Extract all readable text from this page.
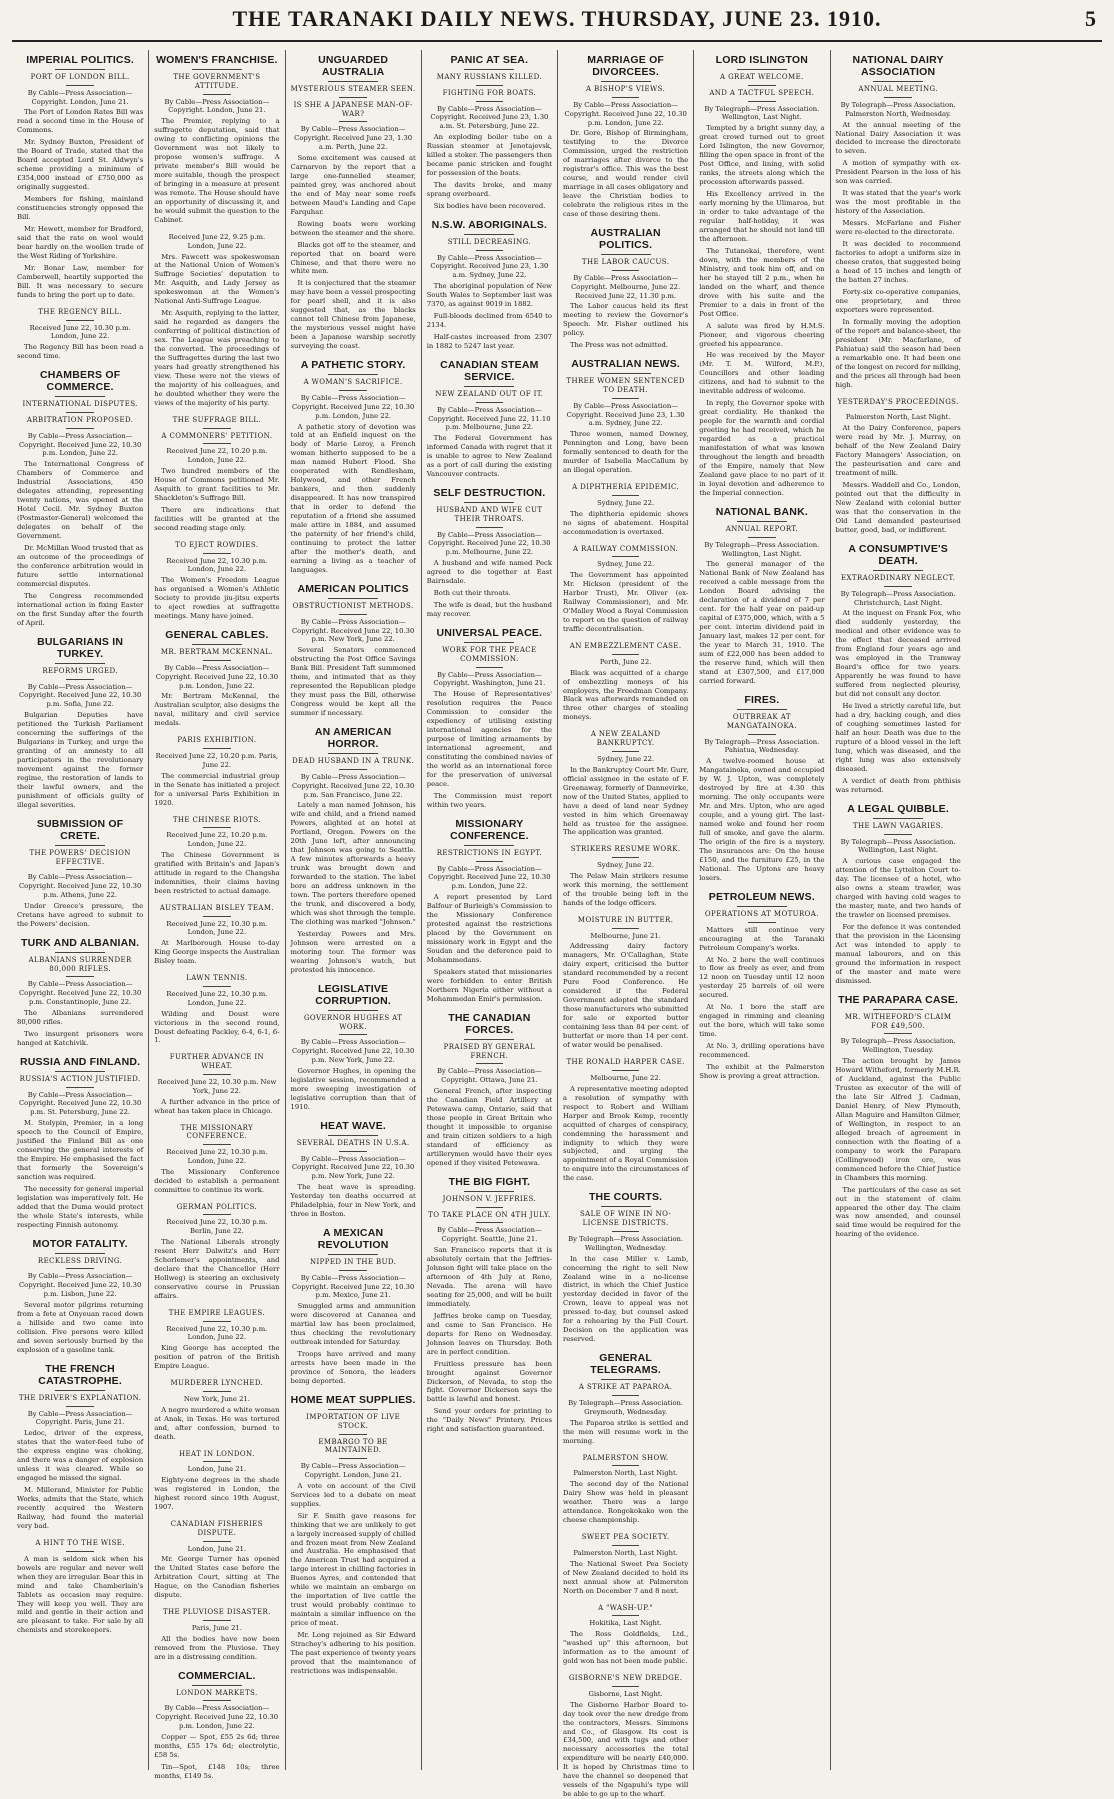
THE TARANAKI DAILY NEWS. THURSDAY, JUNE 23. 1910.	5
IMPERIAL POLITICS.
PORT OF LONDON BILL.
By Cable—Press Association—Copyright. London, June 21.

The Port of London Rates Bill was read a second time in the House of Commons.

Mr. Sydney Buxton, President of the Board of Trade, stated that the Board accepted Lord St. Aldwyn's scheme providing a minimum of £354,000 instead of £750,000 as originally suggested.

Members for fishing, mainland constituencies strongly opposed the Bill.

Mr. Hewett, member for Bradford, said that the rate on wool would bear hardly on the woollen trade of the West Riding of Yorkshire.

Mr. Bonar Law, member for Camberwell, heartily supported the Bill. It was necessary to secure funds to bring the port up to date.

THE REGENCY BILL.
Received June 22, 10.30 p.m. London, June 22.

The Regency Bill has been read a second time.

CHAMBERS OF COMMERCE.
INTERNATIONAL DISPUTES.
ARBITRATION PROPOSED.
By Cable—Press Association—Copyright. Received June 22, 10.30 p.m. London, June 22.

The International Congress of Chambers of Commerce and Industrial Associations, 450 delegates attending, representing twenty nations, was opened at the Hotel Cecil. Mr. Sydney Buxton (Postmaster-General) welcomed the delegates on behalf of the Government.

Dr. McMillan Wood trusted that as an outcome of the proceedings of the conference arbitration would in future settle international commercial disputes.

The Congress recommended international action in fixing Easter on the first Sunday after the fourth of April.

BULGARIANS IN TURKEY.
REFORMS URGED.
By Cable—Press Association—Copyright. Received June 22, 10.30 p.m. Sofia, June 22.

Bulgarian Deputies have petitioned the Turkish Parliament concerning the sufferings of the Bulgarians in Turkey, and urge the granting of an amnesty to all participators in the revolutionary movement against the former regime, the restoration of lands to their lawful owners, and the punishment of officials guilty of illegal severities.

SUBMISSION OF CRETE.
THE POWERS' DECISION EFFECTIVE.
By Cable—Press Association—Copyright. Received June 22, 10.30 p.m. Athens, June 22.

Under Greece's pressure, the Cretans have agreed to submit to the Powers' decision.

TURK AND ALBANIAN.
ALBANIANS SURRENDER 80,000 RIFLES.
By Cable—Press Association—Copyright. Received June 22, 10.30 p.m. Constantinople, June 22.

The Albanians surrendered 80,000 rifles.

Two insurgent prisoners were hanged at Katchivik.

RUSSIA AND FINLAND.
RUSSIA'S ACTION JUSTIFIED.
By Cable—Press Association—Copyright. Received June 22, 10.30 p.m. St. Petersburg, June 22.

M. Stolypin, Premier, in a long speech to the Council of Empire, justified the Finland Bill as one conserving the general interests of the Empire. He emphasised the fact that formerly the Sovereign's sanction was required.

The necessity for general imperial legislation was imperatively felt. He added that the Duma would protect the whole State's interests, while respecting Finnish autonomy.

MOTOR FATALITY.
RECKLESS DRIVING.
By Cable—Press Association—Copyright. Received June 22, 10.30 p.m. Lisbon, June 22.

Several motor pilgrims returning from a fete at Onyeuan raced down a hillside and two came into collision. Five persons were killed and seven seriously burned by the explosion of a gasoline tank.

THE FRENCH CATASTROPHE.
THE DRIVER'S EXPLANATION.
By Cable—Press Association—Copyright. Paris, June 21.

Ledoc, driver of the express, states that the water-feed tube of the express engine was choking, and there was a danger of explosion unless it was cleared. While so engaged he missed the signal.

M. Millerand, Minister for Public Works, admits that the State, which recently acquired the Western Railway, had found the material very bad.

A HINT TO THE WISE.

A man is seldom sick when his bowels are regular and never well when they are irregular. Bear this in mind and take Chamberlain's Tablets as occasion may require. They will keep you well. They are mild and gentle in their action and are pleasant to take. For sale by all chemists and storekeepers.

WOMEN'S FRANCHISE.
THE GOVERNMENT'S ATTITUDE.
By Cable—Press Association—Copyright. London, June 21.

The Premier, replying to a suffragette deputation, said that owing to conflicting opinions the Government was not likely to propose women's suffrage. A private member's Bill would be more suitable, though the prospect of bringing in a measure at present was remote. The House should have an opportunity of discussing it, and he would submit the question to the Cabinet.

Received June 22, 9.25 p.m. London, June 22.

Mrs. Fawcett was spokeswoman at the National Union of Women's Suffrage Societies' deputation to Mr. Asquith, and Lady Jersey as spokeswoman at the Women's National Anti-Suffrage League.

Mr. Asquith, replying to the latter, said he regarded as dangers the conferring of political distinction of sex. The League was preaching to the converted. The proceedings of the Suffragettes during the last two years had greatly strengthened his view. These were not the views of the majority of his colleagues, and he doubted whether they were the views of the majority of his party.

THE SUFFRAGE BILL.
A COMMONERS' PETITION.
Received June 22, 10.20 p.m. London, June 22.

Two hundred members of the House of Commons petitioned Mr. Asquith to grant facilities to Mr. Shackleton's Suffrage Bill.

There are indications that facilities will be granted at the second reading stage only.

TO EJECT ROWDIES.
Received June 22, 10.30 p.m. London, June 22.

The Women's Freedom League has organised a Women's Athletic Society to provide jiu-jitsu experts to eject rowdies at suffragette meetings. Many have joined.

GENERAL CABLES.
MR. BERTRAM MCKENNAL.
By Cable—Press Association—Copyright. Received June 22, 10.30 p.m. London, June 22.

Mr. Bertram McKennal, the Australian sculptor, also designs the naval, military and civil service medals.

PARIS EXHIBITION.
Received June 22, 10.20 p.m. Paris, June 22.

The commercial industrial group in the Senate has initiated a project for a universal Paris Exhibition in 1920.

THE CHINESE RIOTS.
Received June 22, 10.20 p.m. London, June 22.

The Chinese Government is gratified with Britain's and Japan's attitude in regard to the Changsha indemnities, their claims having been restricted to actual damage.

AUSTRALIAN BISLEY TEAM.
Received June 22, 10.30 p.m. London, June 22.

At Marlborough House to-day King George inspects the Australian Bisley team.

LAWN TENNIS.
Received June 22, 10.30 p.m. London, June 22.

Wilding and Doust were victorious in the second round, Doust defeating Packley, 6-4, 6-1, 6-1.

FURTHER ADVANCE IN WHEAT.
Received June 22, 10.30 p.m. New York, June 22.

A further advance in the price of wheat has taken place in Chicago.

THE MISSIONARY CONFERENCE.
Received June 22, 10.30 p.m. London, June 22.

The Missionary Conference decided to establish a permanent committee to continue its work.

GERMAN POLITICS.
Received June 22, 10.30 p.m. Berlin, June 22.

The National Liberals strongly resent Herr Dalwitz's and Herr Schorlemer's appointments, and declare that the Chancellor (Herr Hollweg) is steering an exclusively conservative course in Prussian affairs.

THE EMPIRE LEAGUES.
Received June 22, 10.30 p.m. London, June 22.

King George has accepted the position of patron of the British Empire League.

MURDERER LYNCHED.
New York, June 21.

A negro murdered a white woman at Anak, in Texas. He was tortured and, after confession, burned to death.

HEAT IN LONDON.
London, June 21.

Eighty-one degrees in the shade was registered in London, the highest record since 19th August, 1907.

CANADIAN FISHERIES DISPUTE.
London, June 21.

Mr. George Turner has opened the United States case before the Arbitration Court, sitting at The Hague, on the Canadian fisheries dispute.

THE PLUVIOSE DISASTER.
Paris, June 21.

All the bodies have now been removed from the Pluviose. They are in a distressing condition.

COMMERCIAL.
LONDON MARKETS.
By Cable—Press Association—Copyright. Received June 22, 10.30 p.m. London, June 22.

Copper — Spot, £55 2s 6d; three months, £55 17s 6d; electrolytic, £58 5s.

Tin—Spot, £148 10s; three months, £149 5s.

UNGUARDED AUSTRALIA
MYSTERIOUS STEAMER SEEN.
IS SHE A JAPANESE MAN-OF-WAR?
By Cable—Press Association—Copyright. Received June 23, 1.30 a.m. Perth, June 22.

Some excitement was caused at Carnarvon by the report that a large one-funnelled steamer, painted grey, was anchored about the end of May near some reefs between Maud's Landing and Cape Farquhar.

Rowing boats were working between the steamer and the shore.

Blacks got off to the steamer, and reported that on board were Chinese, and that there were no white men.

It is conjectured that the steamer may have been a vessel prospecting for pearl shell, and it is also suggested that, as the blacks cannot tell Chinese from Japanese, the mysterious vessel might have been a Japanese warship secretly surveying the coast.

A PATHETIC STORY.
A WOMAN'S SACRIFICE.
By Cable—Press Association—Copyright. Received June 22, 10.30 p.m. London, June 22.

A pathetic story of devotion was told at an Enfield inquest on the body of Marie Leroy, a French woman hitherto supposed to be a man named Hubert Flood. She cooperated with Rendlesham, Holywood, and other French bankers, and then suddenly disappeared. It has now transpired that in order to defend the reputation of a friend she assumed male attire in 1884, and assumed the paternity of her friend's child, continuing to protect the latter after the mother's death, and earning a living as a teacher of languages.

AMERICAN POLITICS
OBSTRUCTIONIST METHODS.
By Cable—Press Association—Copyright. Received June 22, 10.30 p.m. New York, June 22.

Several Senators commenced obstructing the Post Office Savings Bank Bill. President Taft summoned them, and intimated that as they represented the Republican pledge they must pass the Bill, otherwise Congress would be kept all the summer if necessary.

AN AMERICAN HORROR.
DEAD HUSBAND IN A TRUNK.
By Cable—Press Association—Copyright. Received June 22, 10.30 p.m. San Francisco, June 22.

Lately a man named Johnson, his wife and child, and a friend named Powers, alighted at an hotel at Portland, Oregon. Powers on the 20th June left, after announcing that Johnson was going to Seattle. A few minutes afterwards a heavy trunk was brought down and forwarded to the station. The label bore an address unknown in the town. The porters therefore opened the trunk, and discovered a body, which was shot through the temple. The clothing was marked "Johnson."

Yesterday Powers and Mrs. Johnson were arrested on a motoring tour. The former was wearing Johnson's watch, but protested his innocence.

LEGISLATIVE CORRUPTION.
GOVERNOR HUGHES AT WORK.
By Cable—Press Association—Copyright. Received June 22, 10.30 p.m. New York, June 22.

Governor Hughes, in opening the legislative session, recommended a more sweeping investigation of legislative corruption than that of 1910.

HEAT WAVE.
SEVERAL DEATHS IN U.S.A.
By Cable—Press Association—Copyright. Received June 22, 10.30 p.m. New York, June 22.

The heat wave is spreading. Yesterday ten deaths occurred at Philadelphia, four in New York, and three in Boston.

A MEXICAN REVOLUTION
NIPPED IN THE BUD.
By Cable—Press Association—Copyright. Received June 22, 10.30 p.m. Mexico, June 21.

Smuggled arms and ammunition were discovered at Cananea and martial law has been proclaimed, thus checking the revolutionary outbreak intended for Saturday.

Troops have arrived and many arrests have been made in the province of Sonora, the leaders being deported.

HOME MEAT SUPPLIES.
IMPORTATION OF LIVE STOCK.
EMBARGO TO BE MAINTAINED.
By Cable—Press Association—Copyright. London, June 21.

A vote on account of the Civil Services led to a debate on meat supplies.

Sir F. Smith gave reasons for thinking that we are unlikely to get a largely increased supply of chilled and frozen meat from New Zealand and Australia. He emphasised that the American Trust had acquired a large interest in chilling factories in Buenos Ayres, and contended that while we maintain an embargo on the importation of live cattle the trust would probably continue to maintain a similar influence on the price of meat.

Mr. Long rejoined as Sir Edward Strachey's adhering to his position. The past experience of twenty years proved that the maintenance of restrictions was indispensable.

PANIC AT SEA.
MANY RUSSIANS KILLED.
FIGHTING FOR BOATS.
By Cable—Press Association—Copyright. Received June 23, 1.30 a.m. St. Petersburg, June 22.

An exploding boiler tube on a Russian steamer at Jenotajevsk, killed a stoker. The passengers then became panic stricken and fought for possession of the boats.

The davits broke, and many sprang overboard.

Six bodies have been recovered.

N.S.W. ABORIGINALS.
STILL DECREASING.
By Cable—Press Association—Copyright. Received June 23, 1.30 a.m. Sydney, June 22.

The aboriginal population of New South Wales to September last was 7370, as against 9019 in 1882.

Full-bloods declined from 6540 to 2134.

Half-castes increased from 2307 in 1882 to 5247 last year.

CANADIAN STEAM SERVICE.
NEW ZEALAND OUT OF IT.
By Cable—Press Association—Copyright. Received June 22, 11.10 p.m. Melbourne, June 22.

The Federal Government has informed Canada with regret that it is unable to agree to New Zealand as a port of call during the existing Vancouver contracts.

SELF DESTRUCTION.
HUSBAND AND WIFE CUT THEIR THROATS.
By Cable—Press Association—Copyright. Received June 22, 10.30 p.m. Melbourne, June 22.

A husband and wife named Peck agreed to die together at East Bairnsdale.

Both cut their throats.

The wife is dead, but the husband may recover.

UNIVERSAL PEACE.
WORK FOR THE PEACE COMMISSION.
By Cable—Press Association—Copyright. Washington, June 21.

The House of Representatives' resolution requires the Peace Commission to consider the expediency of utilising existing international agencies for the purpose of limiting armaments by international agreement, and constituting the combined navies of the world as an international force for the preservation of universal peace.

The Commission must report within two years.

MISSIONARY CONFERENCE.
RESTRICTIONS IN EGYPT.
By Cable—Press Association—Copyright. Received June 22, 10.30 p.m. London, June 22.

A report presented by Lord Balfour of Burleigh's Commission to the Missionary Conference protested against the restrictions placed by the Government on missionary work in Egypt and the Soudan and the deference paid to Mohammedans.

Speakers stated that missionaries were forbidden to enter British Northern Nigeria either without a Mohammedan Emir's permission.

THE CANADIAN FORCES.
PRAISED BY GENERAL FRENCH.
By Cable—Press Association—Copyright. Ottawa, June 21.

General French, after inspecting the Canadian Field Artillery at Petewawa camp, Ontario, said that those people in Great Britain who thought it impossible to organise and train citizen soldiers to a high standard of efficiency as artillerymen would have their eyes opened if they visited Petewawa.

THE BIG FIGHT.
JOHNSON V. JEFFRIES.
TO TAKE PLACE ON 4TH JULY.
By Cable—Press Association—Copyright. Seattle, June 21.

San Francisco reports that it is absolutely certain that the Jeffries-Johnson fight will take place on the afternoon of 4th July at Reno, Nevada. The arena will have seating for 25,000, and will be built immediately.

Jeffries broke camp on Tuesday, and came to San Francisco. He departs for Reno on Wednesday. Johnson leaves on Thursday. Both are in perfect condition.

Fruitless pressure has been brought against Governor Dickerson, of Nevada, to stop the fight. Governor Dickerson says the battle is lawful and honest.

Send your orders for printing to the "Daily News" Printery. Prices right and satisfaction guaranteed.

MARRIAGE OF DIVORCEES.
A BISHOP'S VIEWS.
By Cable—Press Association—Copyright. Received June 22, 10.30 p.m. London, June 22.

Dr. Gore, Bishop of Birmingham, testifying to the Divorce Commission, urged the restriction of marriages after divorce to the registrar's office. This was the best course, and would render civil marriage in all cases obligatory and leave the Christian bodies to celebrate the religious rites in the case of those desiring them.

AUSTRALIAN POLITICS.
THE LABOR CAUCUS.
By Cable—Press Association—Copyright. Melbourne, June 22. Received June 22, 11.30 p.m.

The Labor caucus held its first meeting to review the Governor's Speech. Mr. Fisher outlined his policy.

The Press was not admitted.

AUSTRALIAN NEWS.
THREE WOMEN SENTENCED TO DEATH.
By Cable—Press Association—Copyright. Received June 23, 1.30 a.m. Sydney, June 22.

Three women, named Downey, Pennington and Long, have been formally sentenced to death for the murder of Isabella MacCallum by an illegal operation.

A DIPHTHERIA EPIDEMIC.
Sydney, June 22.

The diphtheria epidemic shows no signs of abatement. Hospital accommodation is overtaxed.

A RAILWAY COMMISSION.
Sydney, June 22.

The Government has appointed Mr. Hickson (president of the Harbor Trust), Mr. Oliver (ex-Railway Commissioner), and Mr. O'Malley Wood a Royal Commission to report on the question of railway traffic decentralisation.

AN EMBEZZLEMENT CASE.
Perth, June 22.

Black was acquitted of a charge of embezzling moneys of his employers, the Freedman Company. Black was afterwards remanded on three other charges of stealing moneys.

A NEW ZEALAND BANKRUPTCY.
Sydney, June 22.

In the Bankruptcy Court Mr. Gurr, official assignee in the estate of F. Greenaway, formerly of Dannevirke, now of the United States, applied to have a deed of land near Sydney vested in him which Greenaway held as trustee for the assignee. The application was granted.

STRIKERS RESUME WORK.
Sydney, June 22.

The Pelaw Main strikers resume work this morning, the settlement of the trouble being left in the hands of the lodge officers.

MOISTURE IN BUTTER.
Melbourne, June 21.

Addressing dairy factory managers, Mr. O'Callaghan, State dairy expert, criticised the butter standard recommended by a recent Pure Food Conference. He considered if the Federal Government adopted the standard those manufacturers who submitted for sale or exported butter containing less than 84 per cent. of butterfat or more than 14 per cent. of water would be penalised.

THE RONALD HARPER CASE.
Melbourne, June 22.

A representative meeting adopted a resolution of sympathy with respect to Robert and William Harper and Brook Kemp, recently acquitted of charges of conspiracy, condemning the harassment and indignity to which they were subjected, and urging the appointment of a Royal Commission to enquire into the circumstances of the case.

THE COURTS.
SALE OF WINE IN NO-LICENSE DISTRICTS.
By Telegraph—Press Association. Wellington, Wednesday.

In the case Miller v. Lamb, concerning the right to sell New Zealand wine in a no-license district, in which the Chief Justice yesterday decided in favor of the Crown, leave to appeal was not pressed to-day, but counsel asked for a rehearing by the Full Court. Decision on the application was reserved.

GENERAL TELEGRAMS.
A STRIKE AT PAPAROA.
By Telegraph—Press Association. Greymouth, Wednesday.

The Paparoa strike is settled and the men will resume work in the morning.

PALMERSTON SHOW.
Palmerston North, Last Night.

The second day of the National Dairy Show was held in pleasant weather. There was a large attendance. Rongokokako won the cheese championship.

SWEET PEA SOCIETY.
Palmerston North, Last Night.

The National Sweet Pea Society of New Zealand decided to hold its next annual show at Palmerston North on December 7 and 8 next.

A "WASH-UP."
Hokitika, Last Night.

The Ross Goldfields, Ltd., "washed up" this afternoon, but information as to the amount of gold won has not been made public.

GISBORNE'S NEW DREDGE.
Gisborne, Last Night.

The Gisborne Harbor Board to-day took over the new dredge from the contractors, Messrs. Simmons and Co., of Glasgow. Its cost is £34,500, and with tugs and other necessary accessories the total expenditure will be nearly £40,000. It is hoped by Christmas time to have the channel so deepened that vessels of the Ngapuhi's type will be able to go up to the wharf.

LORD ISLINGTON
A GREAT WELCOME.
AND A TACTFUL SPEECH.
By Telegraph—Press Association. Wellington, Last Night.

Tempted by a bright sunny day, a great crowd turned out to greet Lord Islington, the new Governor, filling the open space in front of the Post Office, and lining, with solid ranks, the streets along which the procession afterwards passed.

His Excellency arrived in the early morning by the Ulimaroa, but in order to take advantage of the regular half-holiday, it was arranged that he should not land till the afternoon.

The Tutanekai, therefore, went down, with the members of the Ministry, and took him off, and on her he stayed till 2 p.m., when he landed on the wharf, and thence drove with his suite and the Premier to a dais in front of the Post Office.

A salute was fired by H.M.S. Pioneer, and vigorous cheering greeted his appearance.

He was received by the Mayor (Mr. T. M. Wilford, M.P.), Councillors and other leading citizens, and had to submit to the inevitable address of welcome.

In reply, the Governor spoke with great cordiality. He thanked the people for the warmth and cordial greeting he had received, which he regarded as a practical manifestation of what was known throughout the length and breadth of the Empire, namely that New Zealand gave place to no part of it in loyal devotion and adherence to the Imperial connection.

NATIONAL BANK.
ANNUAL REPORT.
By Telegraph—Press Association. Wellington, Last Night.

The general manager of the National Bank of New Zealand has received a cable message from the London Board advising the declaration of a dividend of 7 per cent. for the half year on paid-up capital of £375,000, which, with a 5 per cent. interim dividend paid in January last, makes 12 per cent. for the year to March 31, 1910. The sum of £22,000 has been added to the reserve fund, which will then stand at £307,500, and £17,000 carried forward.

FIRES.
OUTBREAK AT MANGATAINOKA.
By Telegraph—Press Association. Pahiatua, Wednesday.

A twelve-roomed house at Mangatainoka, owned and occupied by W. J. Upton, was completely destroyed by fire at 4.30 this morning. The only occupants were Mr. and Mrs. Upton, who are aged couple, and a young girl. The last-named woke and found her room full of smoke, and gave the alarm. The origin of the fire is a mystery. The insurances are: On the house £150, and the furniture £25, in the National. The Uptons are heavy losers.

PETROLEUM NEWS.
OPERATIONS AT MOTUROA.

Matters still continue very encouraging at the Taranaki Petroleum Company's works.

At No. 2 bore the well continues to flow as freely as ever, and from 12 noon on Tuesday until 12 noon yesterday 25 barrels of oil were secured.

At No. 1 bore the staff are engaged in rimming and cleaning out the bore, which will take some time.

At No. 3, drilling operations have recommenced.

The exhibit at the Palmerston Show is proving a great attraction.

NATIONAL DAIRY ASSOCIATION
ANNUAL MEETING.
By Telegraph—Press Association. Palmerston North, Wednesday.

At the annual meeting of the National Dairy Association it was decided to increase the directorate to seven.

A motion of sympathy with ex-President Pearson in the loss of his son was carried.

It was stated that the year's work was the most profitable in the history of the Association.

Messrs. McFarlane and Fisher were re-elected to the directorate.

It was decided to recommend factories to adopt a uniform size in cheese crates, that suggested being a head of 15 inches and length of the batten 27 inches.

Forty-six co-operative companies, one proprietary, and three exporters were represented.

In formally moving the adoption of the report and balance-sheet, the president (Mr. Macfarlane, of Pahiatua) said the season had been a remarkable one. It had been one of the longest on record for milking, and the prices all through had been high.

YESTERDAY'S PROCEEDINGS.
Palmerston North, Last Night.

At the Dairy Conference, papers were read by Mr. J. Murray, on behalf of the New Zealand Dairy Factory Managers' Association, on the pasteurisation and care and treatment of milk.

Messrs. Waddell and Co., London, pointed out that the difficulty in New Zealand with colonial butter was that the conservation in the Old Land demanded pasteurised butter, good, bad, or indifferent.

A CONSUMPTIVE'S DEATH.
EXTRAORDINARY NEGLECT.
By Telegraph—Press Association. Christchurch, Last Night.

At the inquest on Frank Fox, who died suddenly yesterday, the medical and other evidence was to the effect that deceased arrived from England four years ago and was employed in the Tramway Board's office for two years. Apparently he was found to have suffered from neglected pleurisy, but did not consult any doctor.

He lived a strictly careful life, but had a dry, hacking cough, and dies of coughing sometimes lasted for half an hour. Death was due to the rupture of a blood vessel in the left lung, which was diseased, and the right lung was also extensively diseased.

A verdict of death from phthisis was returned.

A LEGAL QUIBBLE.
THE LAWN VAGARIES.
By Telegraph—Press Association. Wellington, Last Night.

A curious case engaged the attention of the Lyttelton Court to-day. The licensee of a hotel, who also owns a steam trawler, was charged with having cold wages to the master, mate, and two hands of the trawler on licensed premises.

For the defence it was contended that the provision in the Licensing Act was intended to apply to manual labourers, and on this ground the information in respect of the master and mate were dismissed.

THE PARAPARA CASE.
MR. WITHEFORD'S CLAIM FOR £49,500.
By Telegraph—Press Association. Wellington, Tuesday.

The action brought by James Howard Witheford, formerly M.H.R. of Auckland, against the Public Trustee as executor of the will of the late Sir Alfred J. Cadman, Daniel Henry, of New Plymouth, Allan Maguire and Hamilton Gilmer, of Wellington, in respect to an alleged breach of agreement in connection with the floating of a company to work the Parapara (Collingwood) iron ore, was commenced before the Chief Justice in Chambers this morning.

The particulars of the case as set out in the statement of claim appeared the other day. The claim was now amended, and counsel said time would be required for the hearing of the evidence.
